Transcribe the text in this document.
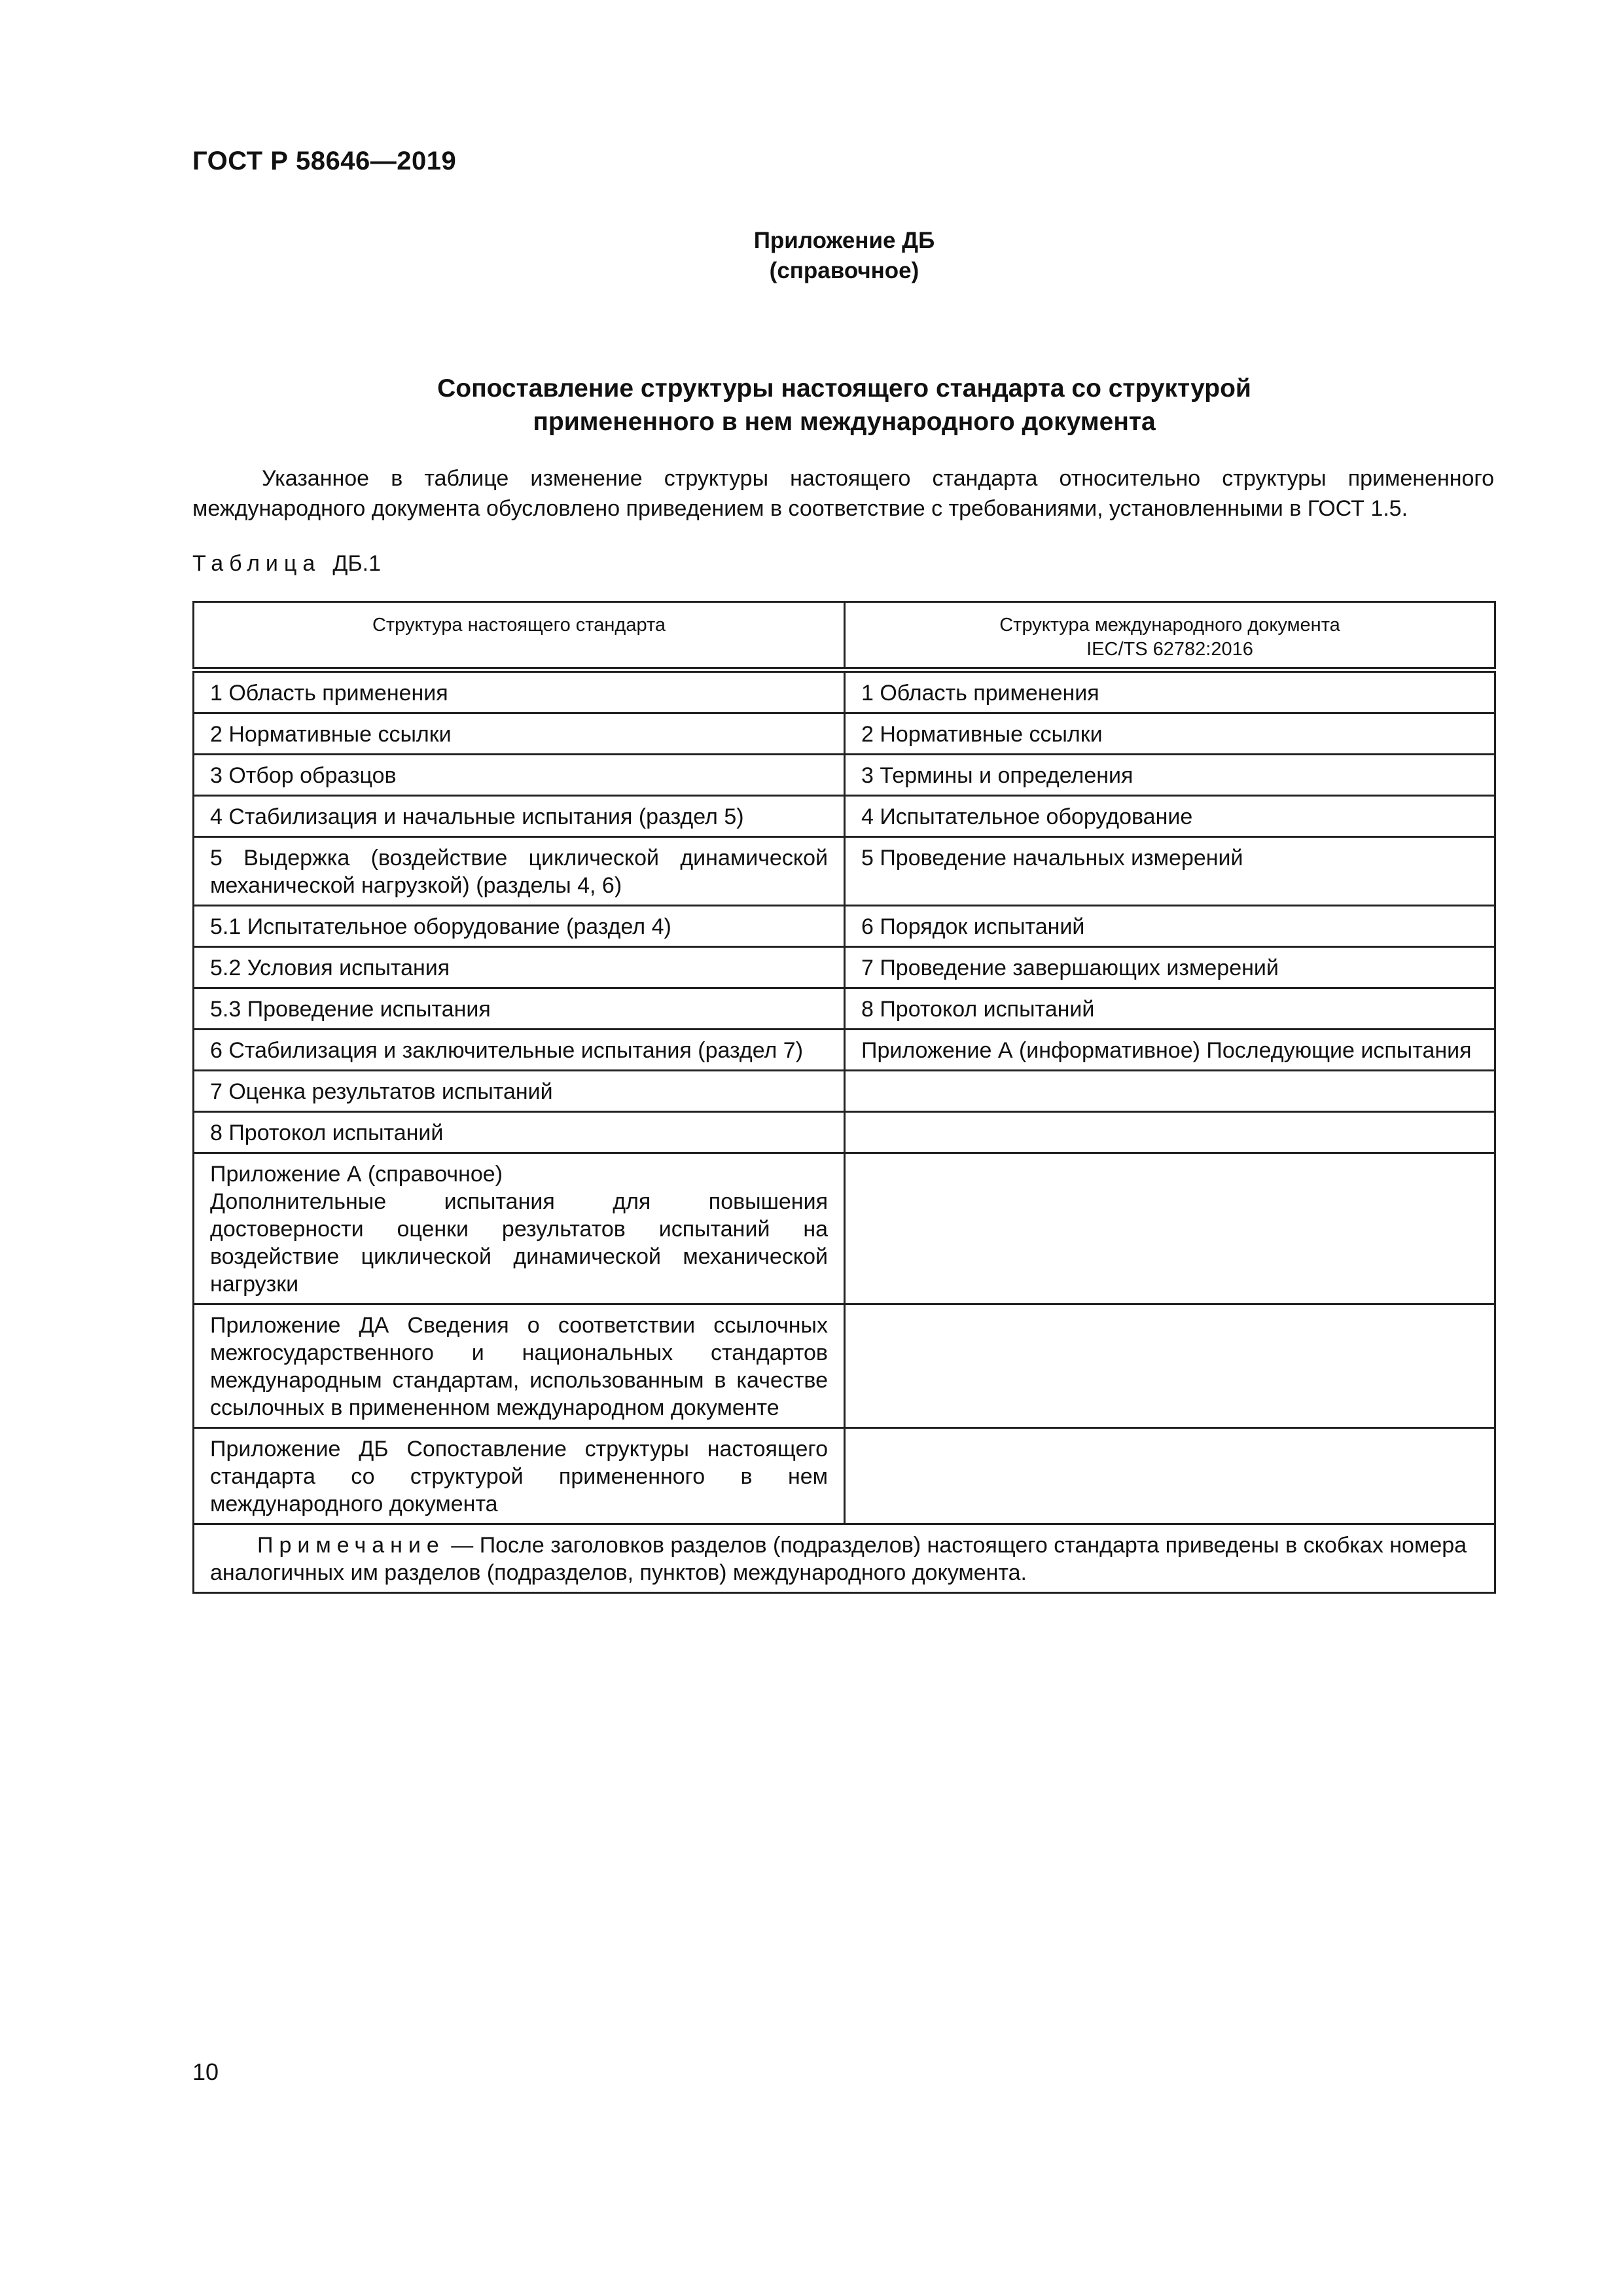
ГОСТ Р 58646—2019
Приложение ДБ
(справочное)
Сопоставление структуры настоящего стандарта со структурой
примененного в нем международного документа

Указанное в таблице изменение структуры настоящего стандарта относительно структуры примененного международного документа обусловлено приведением в соответствие с требованиями, установленными в ГОСТ 1.5.

Таблица ДБ.1
Структура настоящего стандарта	Структура международного документа
IEC/TS 62782:2016

1 Область применения	1 Область применения
2 Нормативные ссылки	2 Нормативные ссылки
3 Отбор образцов	3 Термины и определения
4 Стабилизация и начальные испытания (раздел 5)	4 Испытательное оборудование
5 Выдержка (воздействие циклической динамической механической нагрузкой) (разделы 4, 6)	5 Проведение начальных измерений
5.1 Испытательное оборудование (раздел 4)	6 Порядок испытаний
5.2 Условия испытания	7 Проведение завершающих измерений
5.3 Проведение испытания	8 Протокол испытаний
6 Стабилизация и заключительные испытания (раздел 7)	Приложение А (информативное) Последующие испытания
7 Оценка результатов испытаний	
8 Протокол испытаний	

Приложение А (справочное)
Дополнительные испытания для повышения достоверности оценки результатов испытаний на воздействие циклической динамической механической нагрузки	

Приложение ДА Сведения о соответствии ссылочных межгосударственного и национальных стандартов международным стандартам, использованным в качестве ссылочных в примененном международном документе	
Приложение ДБ Сопоставление структуры настоящего стандарта со структурой примененного в нем международного документа	
Примечание — После заголовков разделов (подразделов) настоящего стандарта приведены в скобках номера аналогичных им разделов (подразделов, пунктов) международного документа.	
10
